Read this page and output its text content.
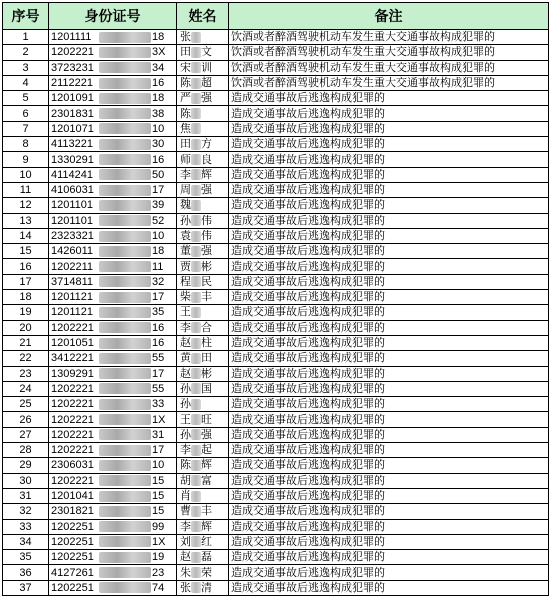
序号	身份证号	姓名	备注
1	1201111 18	张	饮酒或者醉酒驾驶机动车发生重大交通事故构成犯罪的
2	1202221 3X	田 文	饮酒或者醉酒驾驶机动车发生重大交通事故构成犯罪的
3	3723231 34	宋 训	饮酒或者醉酒驾驶机动车发生重大交通事故构成犯罪的
4	2112221 16	陈 超	饮酒或者醉酒驾驶机动车发生重大交通事故构成犯罪的
5	1201091 18	严 强	造成交通事故后逃逸构成犯罪的
6	2301831 38	陈	造成交通事故后逃逸构成犯罪的
7	1201071 10	焦	造成交通事故后逃逸构成犯罪的
8	4113221 30	田 方	造成交通事故后逃逸构成犯罪的
9	1330291 16	师 良	造成交通事故后逃逸构成犯罪的
10	4114241 50	李 辉	造成交通事故后逃逸构成犯罪的
11	4106031 17	周 强	造成交通事故后逃逸构成犯罪的
12	1201101 39	魏	造成交通事故后逃逸构成犯罪的
13	1201101 52	孙 伟	造成交通事故后逃逸构成犯罪的
14	2323321 10	袁 伟	造成交通事故后逃逸构成犯罪的
15	1426011 18	董 强	造成交通事故后逃逸构成犯罪的
16	1202211 11	贾 彬	造成交通事故后逃逸构成犯罪的
17	3714811 32	程 民	造成交通事故后逃逸构成犯罪的
18	1201121 17	柴 丰	造成交通事故后逃逸构成犯罪的
19	1201121 35	王	造成交通事故后逃逸构成犯罪的
20	1202221 16	李 合	造成交通事故后逃逸构成犯罪的
21	1201051 16	赵 柱	造成交通事故后逃逸构成犯罪的
22	3412221 55	黄 田	造成交通事故后逃逸构成犯罪的
23	1309291 17	赵 彬	造成交通事故后逃逸构成犯罪的
24	1202221 55	孙 国	造成交通事故后逃逸构成犯罪的
25	1202221 33	孙	造成交通事故后逃逸构成犯罪的
26	1202221 1X	王 旺	造成交通事故后逃逸构成犯罪的
27	1202221 31	孙 强	造成交通事故后逃逸构成犯罪的
28	1202221 17	李 起	造成交通事故后逃逸构成犯罪的
29	2306031 10	陈 辉	造成交通事故后逃逸构成犯罪的
30	1202221 15	胡 富	造成交通事故后逃逸构成犯罪的
31	1201041 15	肖	造成交通事故后逃逸构成犯罪的
32	2301821 15	曹 丰	造成交通事故后逃逸构成犯罪的
33	1202251 99	李 辉	造成交通事故后逃逸构成犯罪的
34	1202251 1X	刘 红	造成交通事故后逃逸构成犯罪的
35	1202251 19	赵 磊	造成交通事故后逃逸构成犯罪的
36	4127261 23	朱 荣	造成交通事故后逃逸构成犯罪的
37	1202251 74	张 清	造成交通事故后逃逸构成犯罪的
